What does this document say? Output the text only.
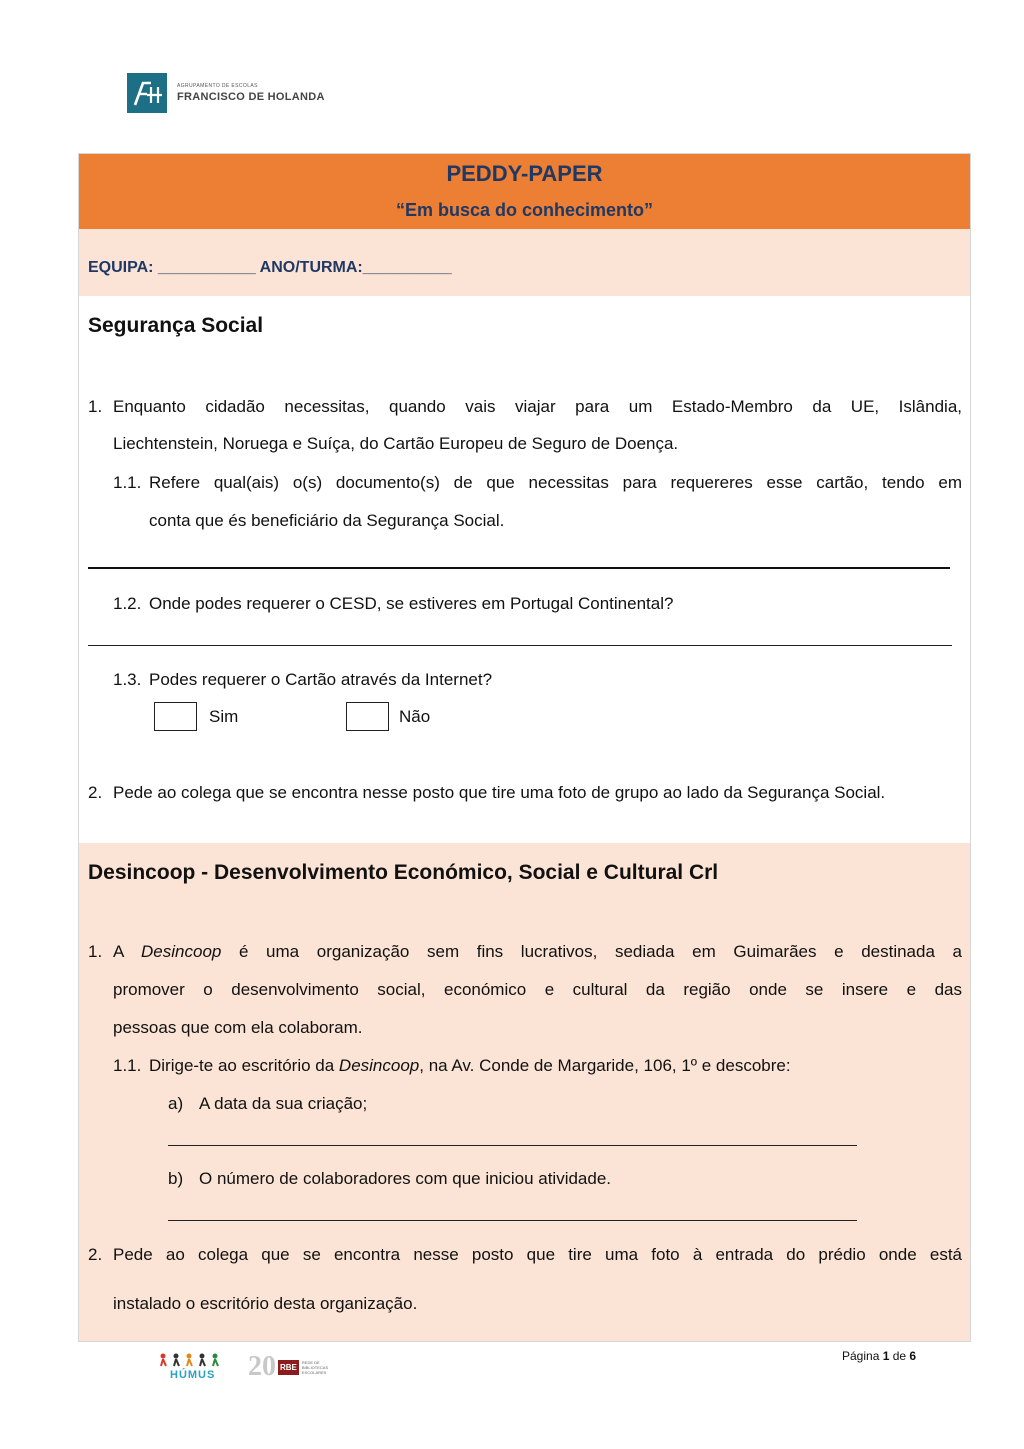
AGRUPAMENTO DE ESCOLAS
FRANCISCO DE HOLANDA
PEDDY-PAPER
“Em busca do conhecimento”
EQUIPA: ___________ ANO/TURMA:__________
Segurança Social
1. Enquanto cidadão necessitas, quando vais viajar para um Estado-Membro da UE, Islândia,
Liechtenstein, Noruega e Suíça, do Cartão Europeu de Seguro de Doença.
1.1. Refere qual(ais) o(s) documento(s) de que necessitas para requereres esse cartão, tendo em
conta que és beneficiário da Segurança Social.
1.2. Onde podes requerer o CESD, se estiveres em Portugal Continental?
1.3. Podes requerer o Cartão através da Internet?
Sim	Não
2. Pede ao colega que se encontra nesse posto que tire uma foto de grupo ao lado da Segurança Social.
Desincoop - Desenvolvimento Económico, Social e Cultural Crl
1. A Desincoop é uma organização sem fins lucrativos, sediada em Guimarães e destinada a
promover o desenvolvimento social, económico e cultural da região onde se insere e das
pessoas que com ela colaboram.
1.1. Dirige-te ao escritório da Desincoop, na Av. Conde de Margaride, 106, 1º e descobre:
a) A data da sua criação;
b) O número de colaboradores com que iniciou atividade.
2. Pede ao colega que se encontra nesse posto que tire uma foto à entrada do prédio onde está
instalado o escritório desta organização.
HÚMUS 20 RBE
REDE DE
BIBLIOTECAS
ESCOLARES
Página 1 de 6
